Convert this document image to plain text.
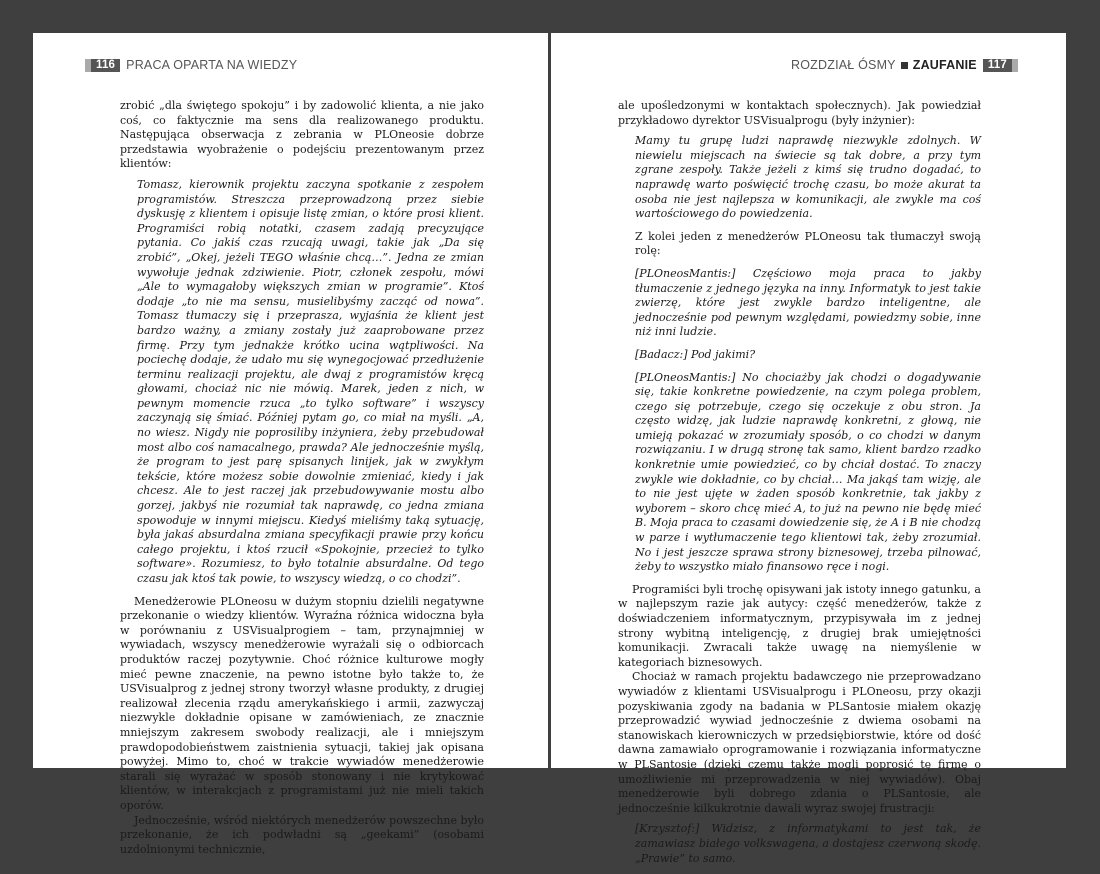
116 PRACA OPARTA NA WIEDZY

zrobić „dla świętego spokoju” i by zadowolić klienta, a nie jako coś, co faktycznie ma sens dla realizowanego produktu. Następująca obserwacja z zebrania w PLOneosie dobrze przedstawia wyobrażenie o podejściu prezentowanym przez klientów:

Tomasz, kierownik projektu zaczyna spotkanie z zespołem programistów. Streszcza przeprowadzoną przez siebie dyskusję z klientem i opisuje listę zmian, o które prosi klient. Programiści robią notatki, czasem zadają precyzujące pytania. Co jakiś czas rzucają uwagi, takie jak „Da się zrobić”, „Okej, jeżeli TEGO właśnie chcą…”. Jedna ze zmian wywołuje jednak zdziwienie. Piotr, członek zespołu, mówi „Ale to wymagałoby większych zmian w programie”. Ktoś dodaje „to nie ma sensu, musielibyśmy zacząć od nowa”. Tomasz tłumaczy się i przeprasza, wyjaśnia że klient jest bardzo ważny, a zmiany zostały już zaaprobowane przez firmę. Przy tym jednakże krótko ucina wątpliwości. Na pociechę dodaje, że udało mu się wynegocjować przedłużenie terminu realizacji projektu, ale dwaj z programistów kręcą głowami, chociaż nic nie mówią. Marek, jeden z nich, w pewnym momencie rzuca „to tylko software” i wszyscy zaczynają się śmiać. Później pytam go, co miał na myśli. „A, no wiesz. Nigdy nie poprosiliby inżyniera, żeby przebudował most albo coś namacalnego, prawda? Ale jednocześnie myślą, że program to jest parę spisanych linijek, jak w zwykłym tekście, które możesz sobie dowolnie zmieniać, kiedy i jak chcesz. Ale to jest raczej jak przebudowywanie mostu albo gorzej, jakbyś nie rozumiał tak naprawdę, co jedna zmiana spowoduje w innymi miejscu. Kiedyś mieliśmy taką sytuację, była jakaś absurdalna zmiana specyfikacji prawie przy końcu całego projektu, i ktoś rzucił «Spokojnie, przecież to tylko software». Rozumiesz, to było totalnie absurdalne. Od tego czasu jak ktoś tak powie, to wszyscy wiedzą, o co chodzi”.

Menedżerowie PLOneosu w dużym stopniu dzielili negatywne przekonanie o wiedzy klientów. Wyraźna różnica widoczna była w porównaniu z USVisualprogiem – tam, przynajmniej w wywiadach, wszyscy menedżerowie wyrażali się o odbiorcach produktów raczej pozytywnie. Choć różnice kulturowe mogły mieć pewne znaczenie, na pewno istotne było także to, że USVisualprog z jednej strony tworzył własne produkty, z drugiej realizował zlecenia rządu amerykańskiego i armii, zazwyczaj niezwykle dokładnie opisane w zamówieniach, ze znacznie mniejszym zakresem swobody realizacji, ale i mniejszym prawdopodobieństwem zaistnienia sytuacji, takiej jak opisana powyżej. Mimo to, choć w trakcie wywiadów menedżerowie starali się wyrażać w sposób stonowany i nie krytykować klientów, w interakcjach z programistami już nie mieli takich oporów.

Jednocześnie, wśród niektórych menedżerów powszechne było przekonanie, że ich podwładni są „geekami” (osobami uzdolnionymi technicznie,

ROZDZIAŁ ÓSMY ZAUFANIE 117

ale upośledzonymi w kontaktach społecznych). Jak powiedział przykładowo dyrektor USVisualprogu (były inżynier):

Mamy tu grupę ludzi naprawdę niezwykle zdolnych. W niewielu miejscach na świecie są tak dobre, a przy tym zgrane zespoły. Także jeżeli z kimś się trudno dogadać, to naprawdę warto poświęcić trochę czasu, bo może akurat ta osoba nie jest najlepsza w komunikacji, ale zwykle ma coś wartościowego do powiedzenia.
Z kolei jeden z menedżerów PLOneosu tak tłumaczył swoją rolę:
[PLOneosMantis:] Częściowo moja praca to jakby tłumaczenie z jednego języka na inny. Informatyk to jest takie zwierzę, które jest zwykle bardzo inteligentne, ale jednocześnie pod pewnym względami, powiedzmy sobie, inne niż inni ludzie.
[Badacz:] Pod jakimi?
[PLOneosMantis:] No chociażby jak chodzi o dogadywanie się, takie konkretne powiedzenie, na czym polega problem, czego się potrzebuje, czego się oczekuje z obu stron. Ja często widzę, jak ludzie naprawdę konkretni, z głową, nie umieją pokazać w zrozumiały sposób, o co chodzi w danym rozwiązaniu. I w drugą stronę tak samo, klient bardzo rzadko konkretnie umie powiedzieć, co by chciał dostać. To znaczy zwykle wie dokładnie, co by chciał… Ma jakąś tam wizję, ale to nie jest ujęte w żaden sposób konkretnie, tak jakby z wyborem – skoro chcę mieć A, to już na pewno nie będę mieć B. Moja praca to czasami dowiedzenie się, że A i B nie chodzą w parze i wytłumaczenie tego klientowi tak, żeby zrozumiał. No i jest jeszcze sprawa strony biznesowej, trzeba pilnować, żeby to wszystko miało finansowo ręce i nogi.

Programiści byli trochę opisywani jak istoty innego gatunku, a w najlepszym razie jak autycy: część menedżerów, także z doświadczeniem informatycznym, przypisywała im z jednej strony wybitną inteligencję, z drugiej brak umiejętności komunikacji. Zwracali także uwagę na niemyślenie w kategoriach biznesowych.

Chociaż w ramach projektu badawczego nie przeprowadzano wywiadów z klientami USVisualprogu i PLOneosu, przy okazji pozyskiwania zgody na badania w PLSantosie miałem okazję przeprowadzić wywiad jednocześnie z dwiema osobami na stanowiskach kierowniczych w przedsiębiorstwie, które od dość dawna zamawiało oprogramowanie i rozwiązania informatyczne w PLSantosie (dzięki czemu także mogli poprosić tę firmę o umożliwienie mi przeprowadzenia w niej wywiadów). Obaj menedżerowie byli dobrego zdania o PLSantosie, ale jednocześnie kilkukrotnie dawali wyraz swojej frustracji:

[Krzysztof:] Widzisz, z informatykami to jest tak, że zamawiasz białego volkswagena, a dostajesz czerwoną skodę. „Prawie” to samo.
